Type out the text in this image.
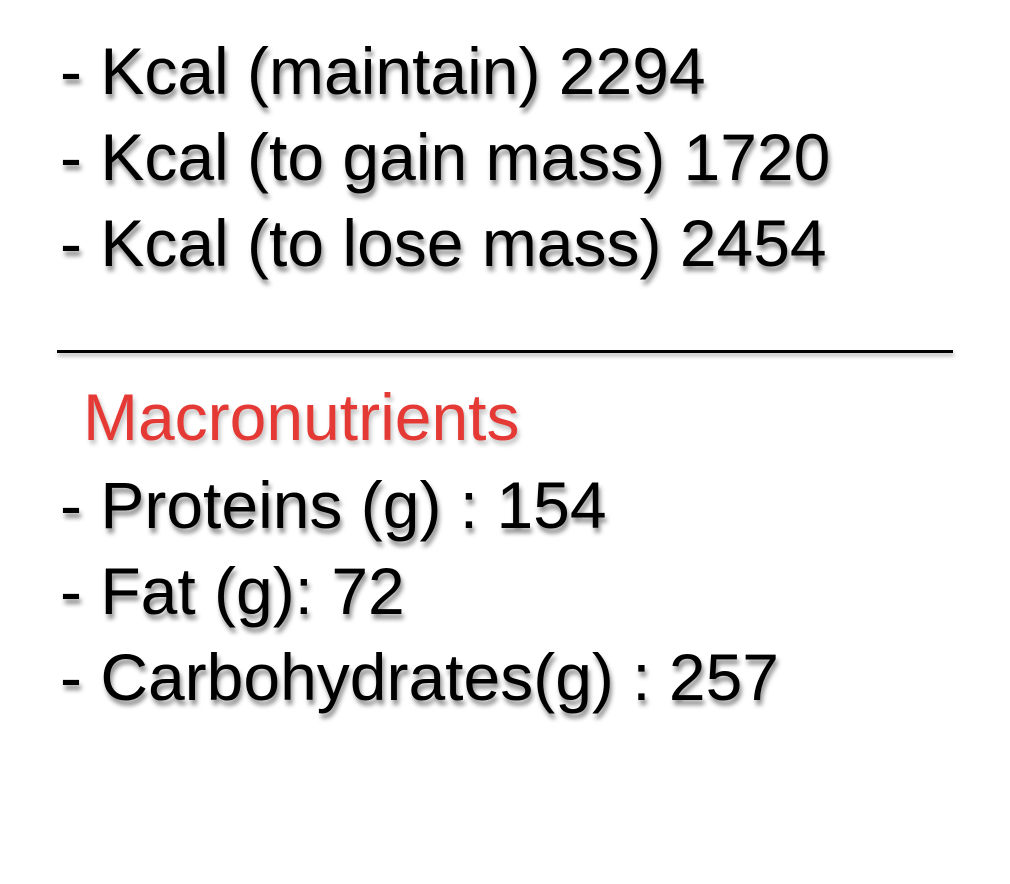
- Kcal (maintain) 2294
- Kcal (to gain mass) 1720
- Kcal (to lose mass) 2454
Macronutrients
- Proteins (g) : 154
- Fat (g): 72
- Carbohydrates(g) : 257
